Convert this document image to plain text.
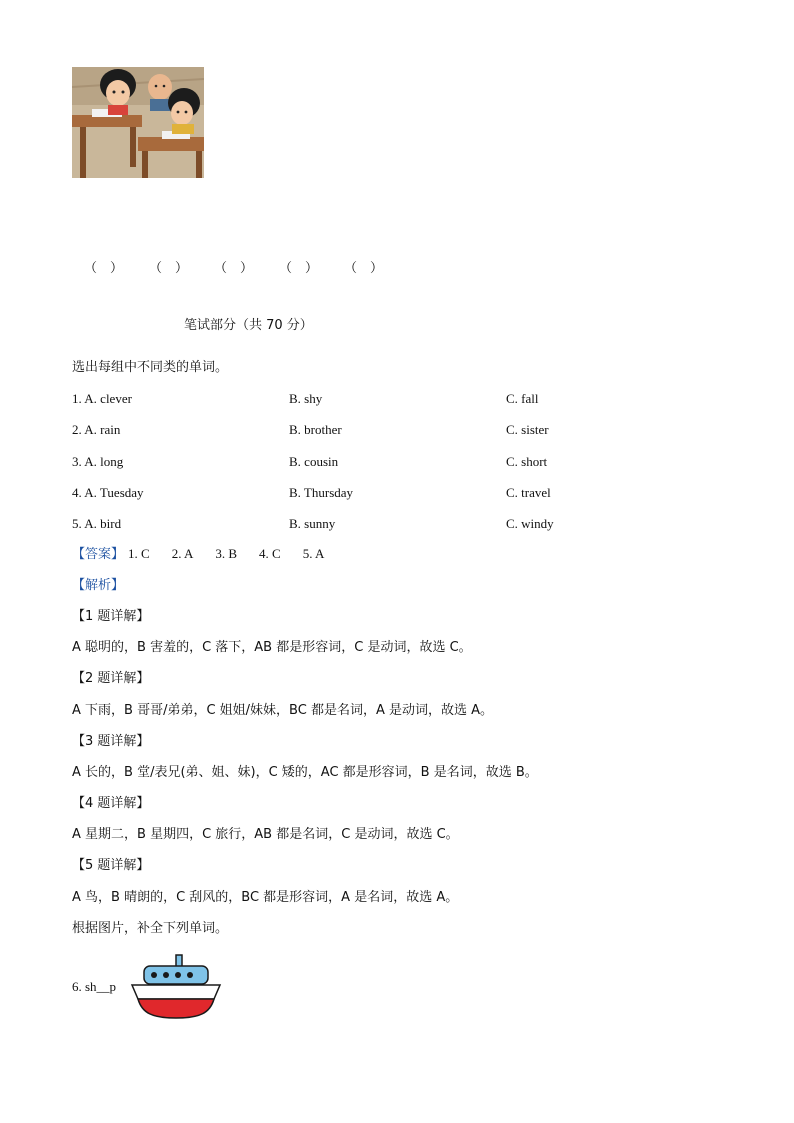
（　）	（　）	（　）	（　）	（　）
笔试部分（共 70 分）
选出每组中不同类的单词。
1. A. clever	B. shy	C. fall
2. A. rain	B. brother	C. sister
3. A. long	B. cousin	C. short
4. A. Tuesday	B. Thursday	C. travel
5. A. bird	B. sunny	C. windy
【答案】 1. C 2. A 3. B 4. C 5. A
【解析】
【1 题详解】
A 聪明的，B 害羞的，C 落下，AB 都是形容词，C 是动词，故选 C。
【2 题详解】
A 下雨，B 哥哥/弟弟，C 姐姐/妹妹，BC 都是名词，A 是动词，故选 A。
【3 题详解】
A 长的，B 堂/表兄(弟、姐、妹)，C 矮的，AC 都是形容词，B 是名词，故选 B。
【4 题详解】
A 星期二，B 星期四，C 旅行，AB 都是名词，C 是动词，故选 C。
【5 题详解】
A 鸟，B 晴朗的，C 刮风的，BC 都是形容词，A 是名词，故选 A。
根据图片，补全下列单词。
6. sh__p
